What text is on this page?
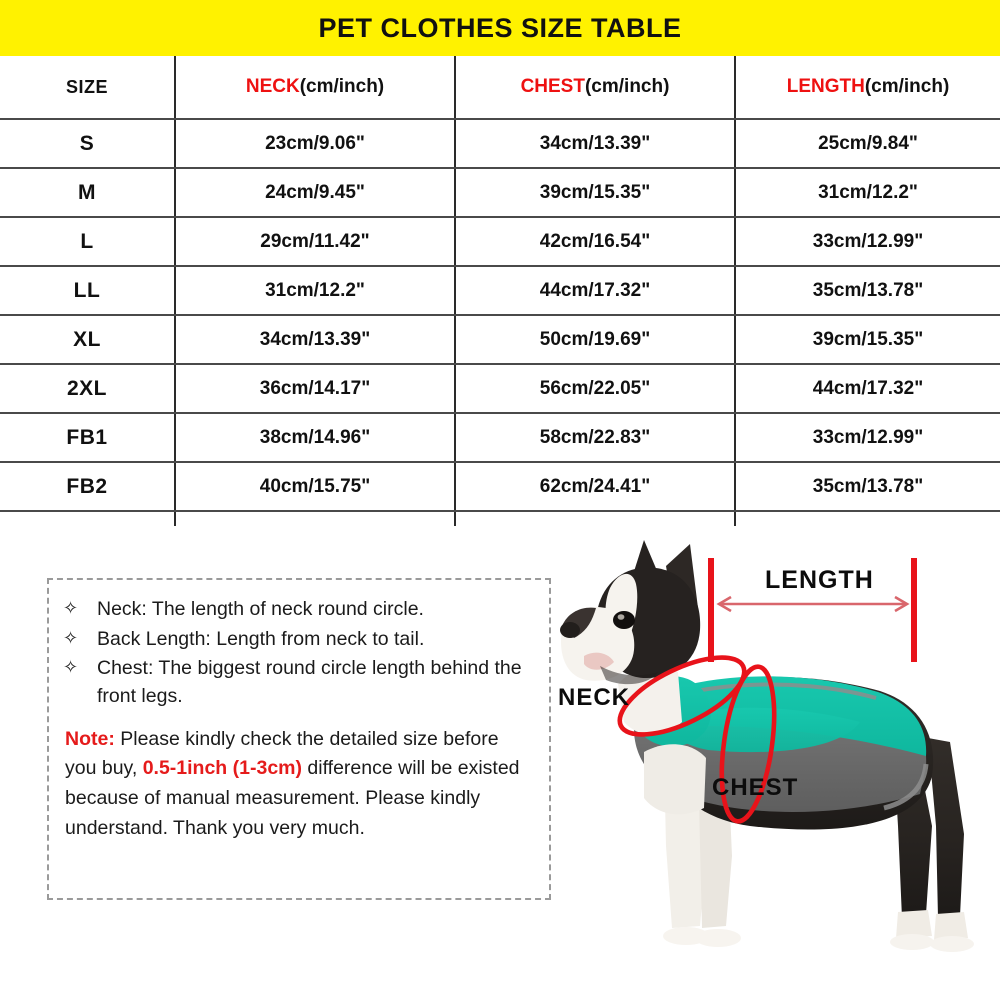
PET CLOTHES SIZE TABLE
SIZE	NECK(cm/inch)	CHEST(cm/inch)	LENGTH(cm/inch)
S	23cm/9.06"	34cm/13.39"	25cm/9.84"
M	24cm/9.45"	39cm/15.35"	31cm/12.2"
L	29cm/11.42"	42cm/16.54"	33cm/12.99"
LL	31cm/12.2"	44cm/17.32"	35cm/13.78"
XL	34cm/13.39"	50cm/19.69"	39cm/15.35"
2XL	36cm/14.17"	56cm/22.05"	44cm/17.32"
FB1	38cm/14.96"	58cm/22.83"	33cm/12.99"
FB2	40cm/15.75"	62cm/24.41"	35cm/13.78"

✧ Neck: The length of neck round circle.
✧ Back Length: Length from neck to tail.
✧ Chest: The biggest round circle length behind the front legs.

Note: Please kindly check the detailed size before you buy, 0.5-1inch (1-3cm) difference will be existed because of manual measurement. Please kindly understand. Thank you very much.

LENGTH
NECK
CHEST
